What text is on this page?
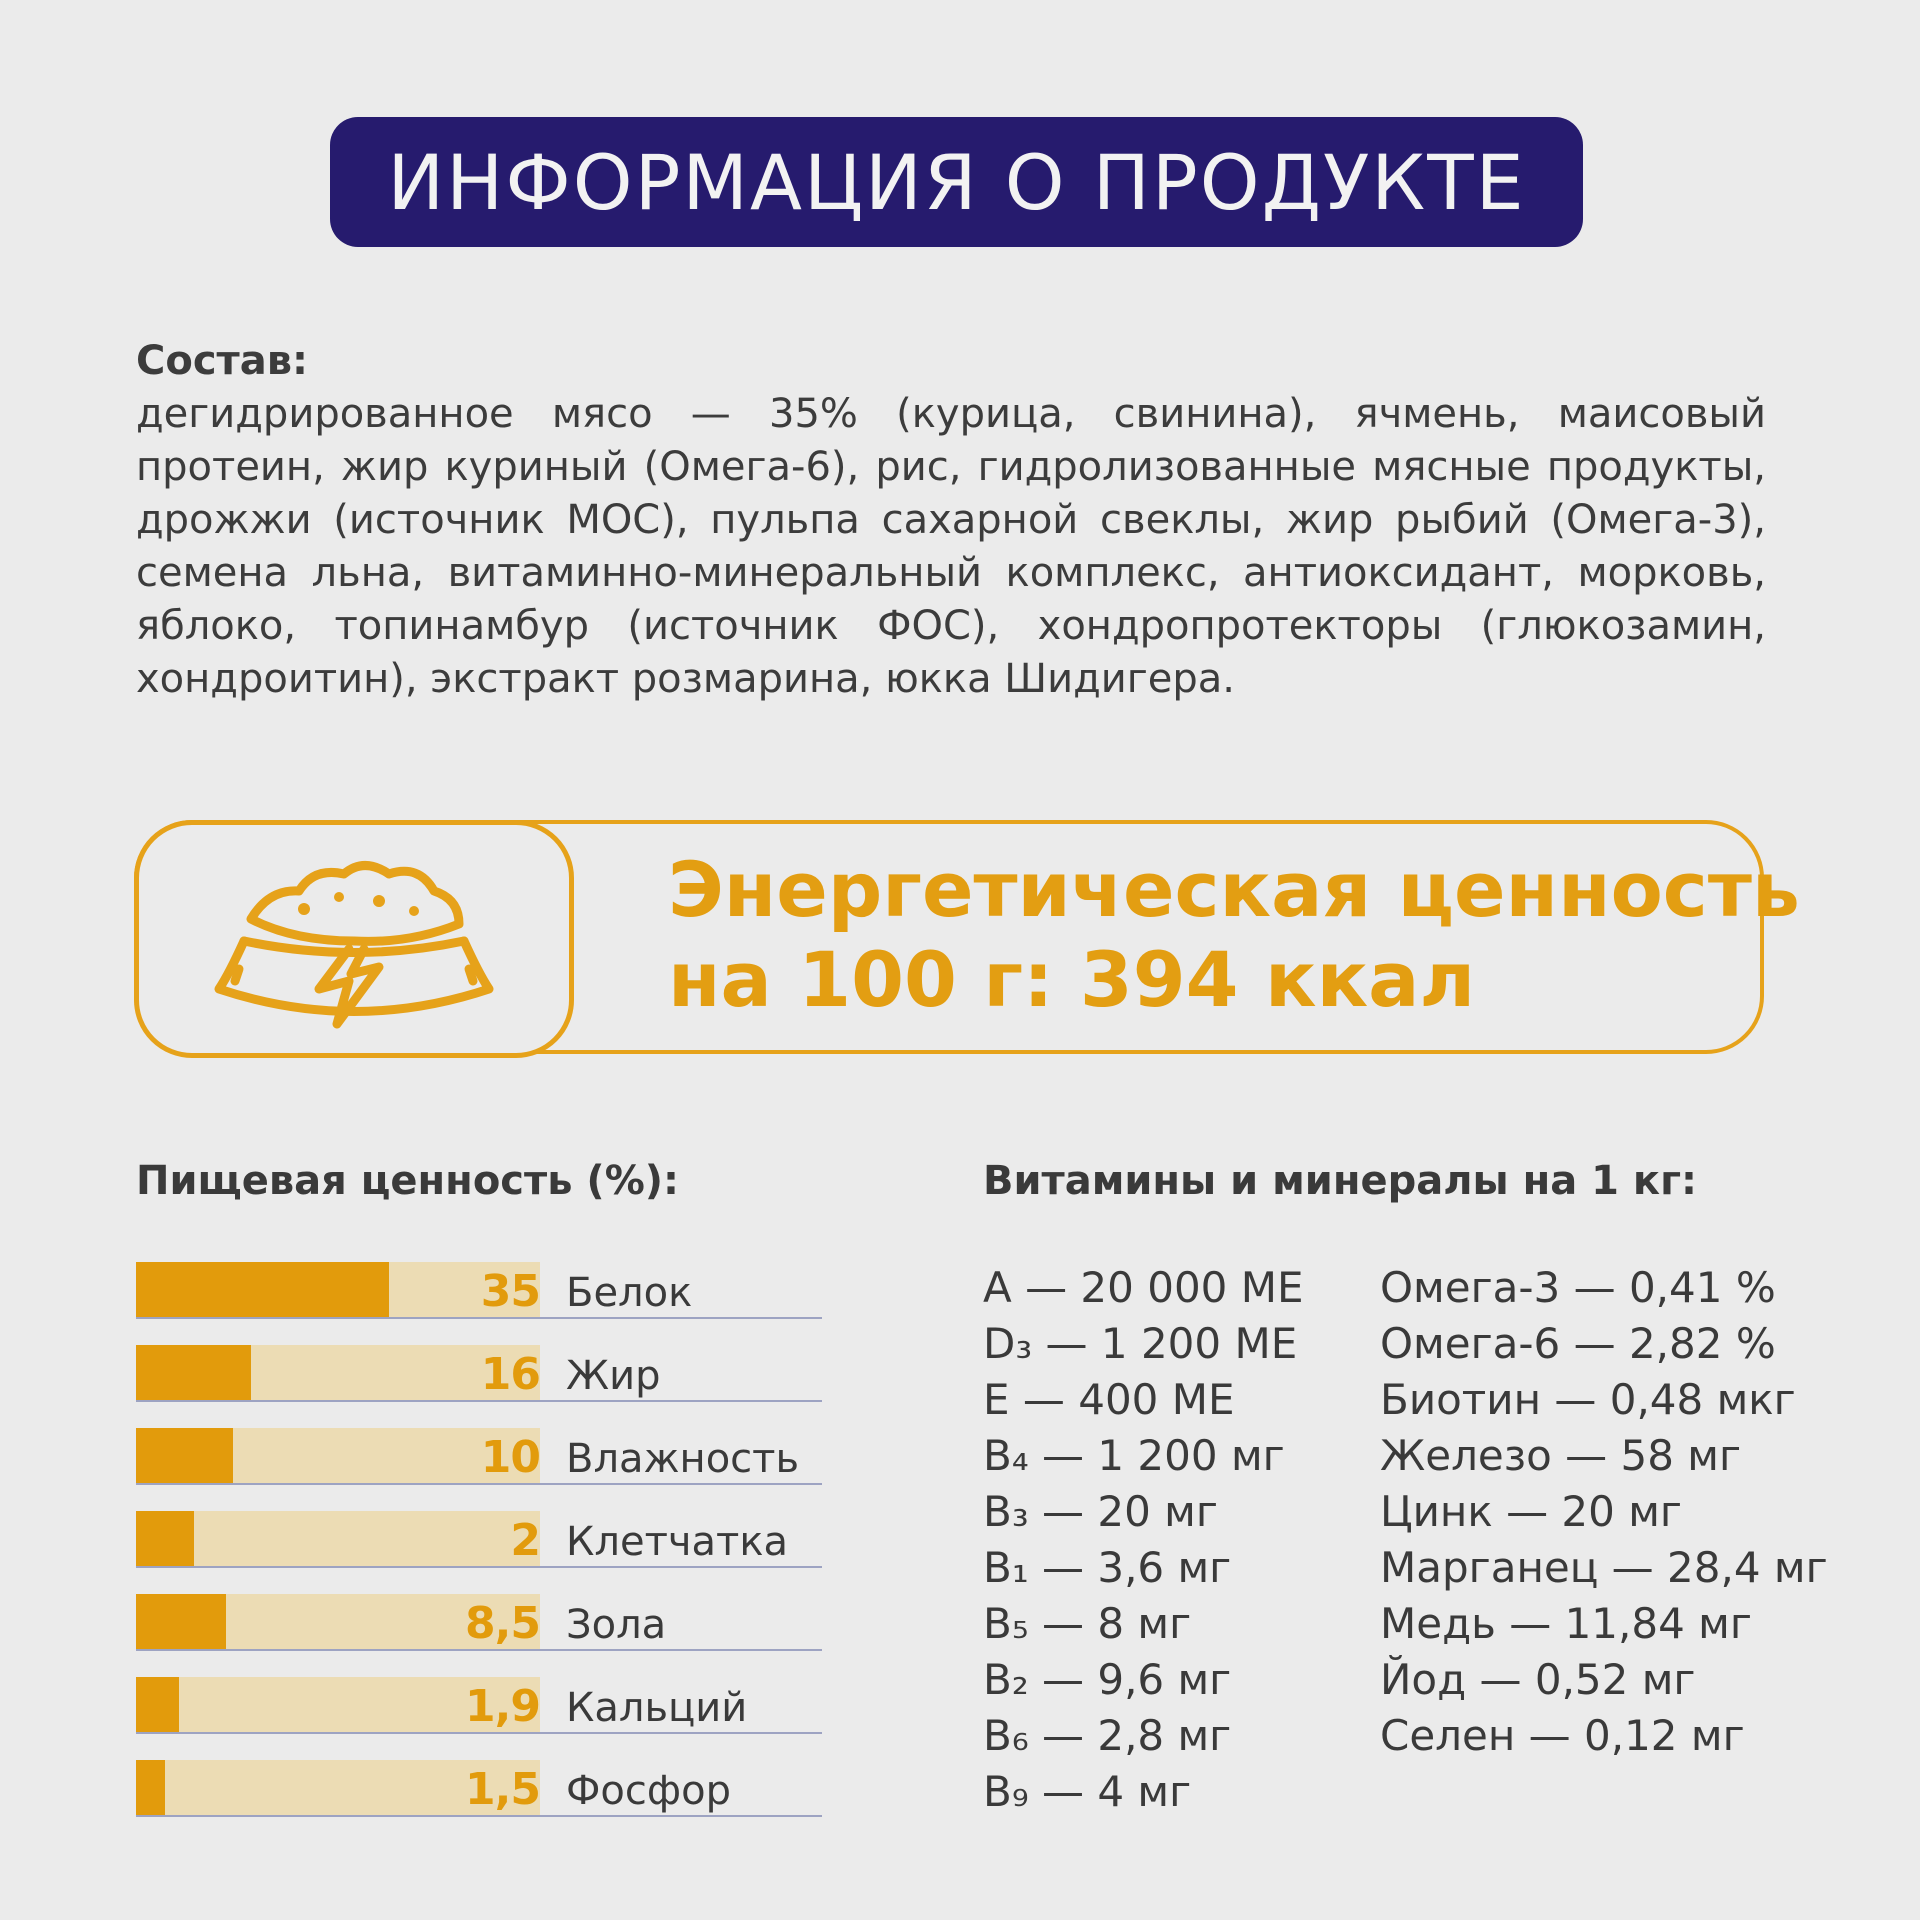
ИНФОРМАЦИЯ О ПРОДУКТЕ
Состав:
дегидрированное мясо — 35% (курица, свинина), ячмень, маисовый протеин, жир куриный (Омега-6), рис, гидролизованные мясные продукты, дрожжи (источник МОС), пульпа сахарной свеклы, жир рыбий (Омега-3), семена льна, витаминно-минеральный комплекс, антиоксидант, морковь, яблоко, топинамбур (источник ФОС), хондропротекторы (глюкозамин, хондроитин), экстракт розмарина, юкка Шидигера.
Энергетическая ценность
на 100 г: 394 ккал
Пищевая ценность (%):
35 Белок
16 Жир
10 Влажность
2 Клетчатка
8,5 Зола
1,9 Кальций
1,5 Фосфор
Витамины и минералы на 1 кг:
A — 20 000 МЕ
D₃ — 1 200 МЕ
E — 400 МЕ
B₄ — 1 200 мг
B₃ — 20 мг
B₁ — 3,6 мг
B₅ — 8 мг
B₂ — 9,6 мг
B₆ — 2,8 мг
B₉ — 4 мг
Омега-3 — 0,41 %
Омега-6 — 2,82 %
Биотин — 0,48 мкг
Железо — 58 мг
Цинк — 20 мг
Марганец — 28,4 мг
Медь — 11,84 мг
Йод — 0,52 мг
Селен — 0,12 мг
